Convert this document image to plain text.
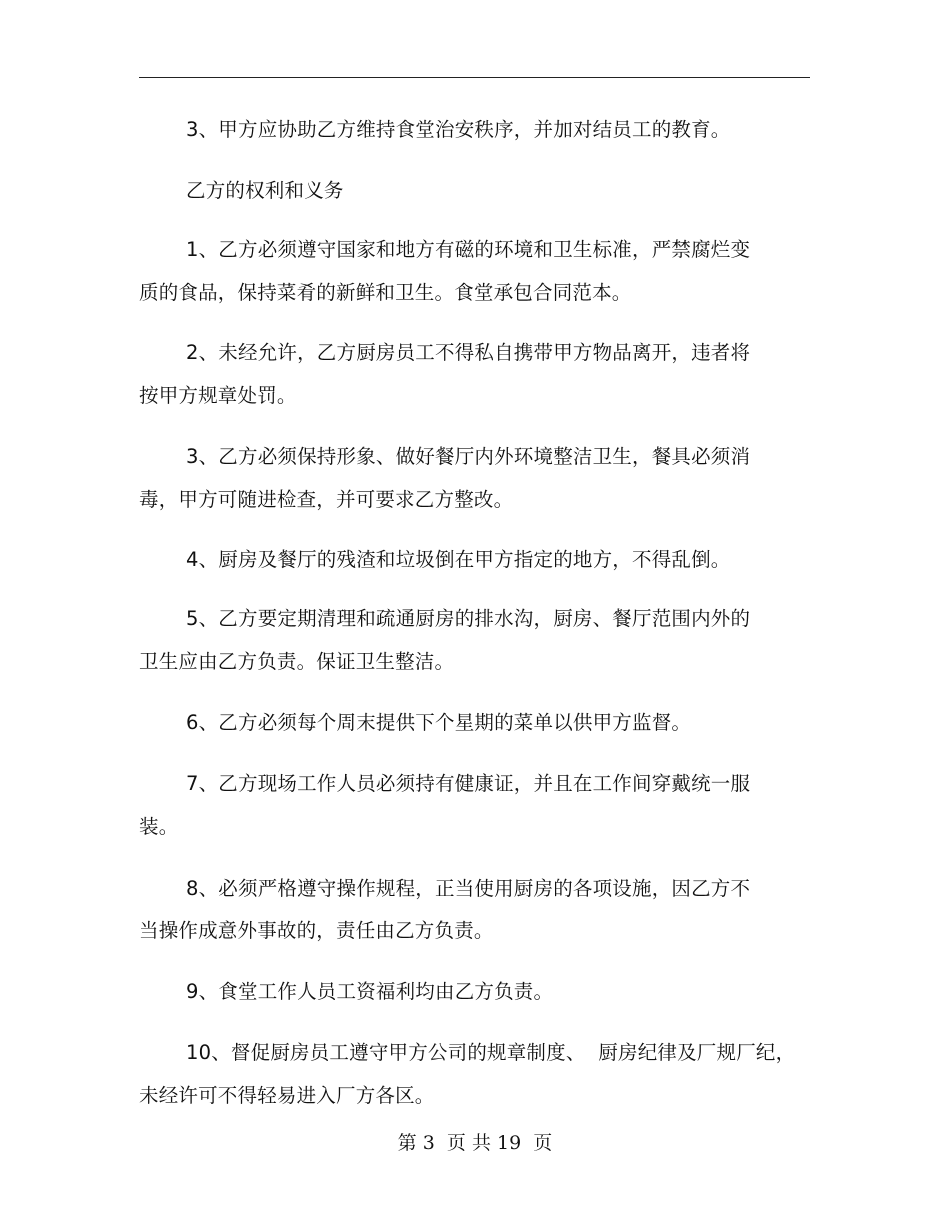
3、甲方应协助乙方维持食堂治安秩序，并加对结员工的教育。
乙方的权利和义务
1、乙方必须遵守国家和地方有磁的环境和卫生标准，严禁腐烂变
质的食品，保持菜肴的新鲜和卫生。食堂承包合同范本。
2、未经允许，乙方厨房员工不得私自携带甲方物品离开，违者将
按甲方规章处罚。
3、乙方必须保持形象、做好餐厅内外环境整洁卫生，餐具必须消
毒，甲方可随进检查，并可要求乙方整改。
4、厨房及餐厅的残渣和垃圾倒在甲方指定的地方，不得乱倒。
5、乙方要定期清理和疏通厨房的排水沟，厨房、餐厅范围内外的
卫生应由乙方负责。保证卫生整洁。
6、乙方必须每个周末提供下个星期的菜单以供甲方监督。
7、乙方现场工作人员必须持有健康证，并且在工作间穿戴统一服
装。
8、必须严格遵守操作规程，正当使用厨房的各项设施，因乙方不
当操作成意外事故的，责任由乙方负责。
9、食堂工作人员工资福利均由乙方负责。
10、督促厨房员工遵守甲方公司的规章制度、  厨房纪律及厂规厂纪，
未经许可不得轻易进入厂方各区。
第 3 页 共 19 页
